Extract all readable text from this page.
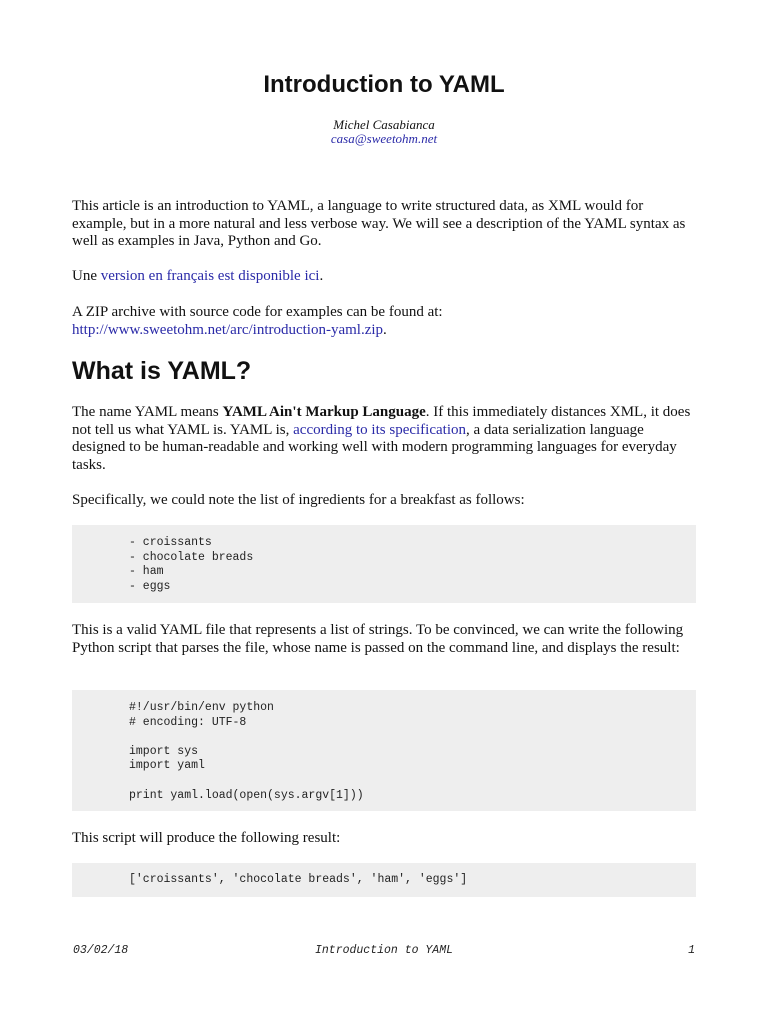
Introduction to YAML
Michel Casabianca
casa@sweetohm.net

This article is an introduction to YAML, a language to write structured data, as XML would for example, but in a more natural and less verbose way. We will see a description of the YAML syntax as well as examples in Java, Python and Go.

Une version en français est disponible ici.

A ZIP archive with source code for examples can be found at:
http://www.sweetohm.net/arc/introduction-yaml.zip.

What is YAML?

The name YAML means YAML Ain't Markup Language. If this immediately distances XML, it does not tell us what YAML is. YAML is, according to its specification, a data serialization language designed to be human-readable and working well with modern programming languages for everyday tasks.

Specifically, we could note the list of ingredients for a breakfast as follows:

- croissants
- chocolate breads
- ham
- eggs

This is a valid YAML file that represents a list of strings. To be convinced, we can write the following Python script that parses the file, whose name is passed on the command line, and displays the result:

#!/usr/bin/env python
# encoding: UTF-8

import sys
import yaml

print yaml.load(open(sys.argv[1]))

This script will produce the following result:

['croissants', 'chocolate breads', 'ham', 'eggs']
03/02/18	Introduction to YAML	1
